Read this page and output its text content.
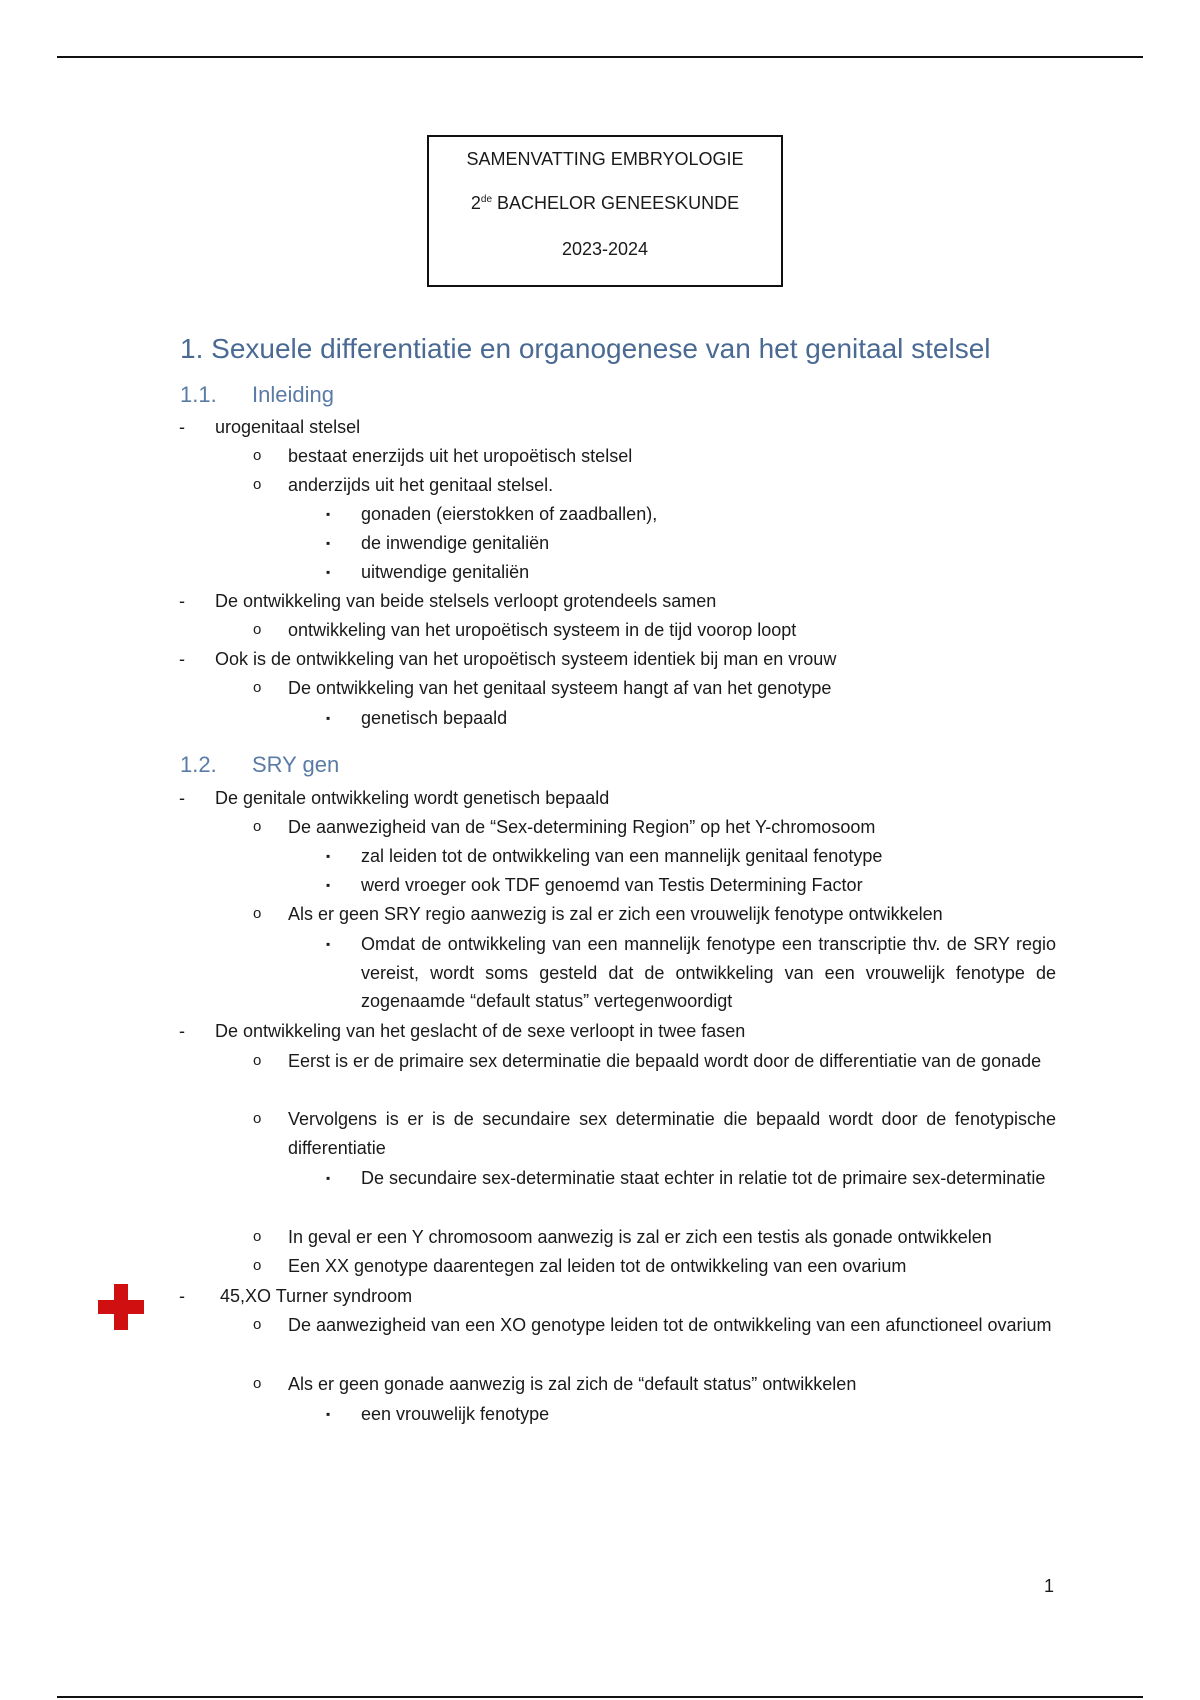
SAMENVATTING EMBRYOLOGIE
2de BACHELOR GENEESKUNDE
2023-2024
1. Sexuele differentiatie en organogenese van het genitaal stelsel
1.1. Inleiding
- urogenitaal stelsel
o bestaat enerzijds uit het uropoëtisch stelsel
o anderzijds uit het genitaal stelsel.
▪ gonaden (eierstokken of zaadballen),
▪ de inwendige genitaliën
▪ uitwendige genitaliën
- De ontwikkeling van beide stelsels verloopt grotendeels samen
o ontwikkeling van het uropoëtisch systeem in de tijd voorop loopt
- Ook is de ontwikkeling van het uropoëtisch systeem identiek bij man en vrouw
o De ontwikkeling van het genitaal systeem hangt af van het genotype
▪ genetisch bepaald
1.2. SRY gen
- De genitale ontwikkeling wordt genetisch bepaald
o De aanwezigheid van de “Sex-determining Region” op het Y-chromosoom
▪ zal leiden tot de ontwikkeling van een mannelijk genitaal fenotype
▪ werd vroeger ook TDF genoemd van Testis Determining Factor
o Als er geen SRY regio aanwezig is zal er zich een vrouwelijk fenotype ontwikkelen
▪ Omdat de ontwikkeling van een mannelijk fenotype een transcriptie thv. de SRY regio vereist, wordt soms gesteld dat de ontwikkeling van een vrouwelijk fenotype de zogenaamde “default status” vertegenwoordigt
- De ontwikkeling van het geslacht of de sexe verloopt in twee fasen
o Eerst is er de primaire sex determinatie die bepaald wordt door de differentiatie van de gonade
o Vervolgens is er is de secundaire sex determinatie die bepaald wordt door de fenotypische differentiatie
▪ De secundaire sex-determinatie staat echter in relatie tot de primaire sex-determinatie
o In geval er een Y chromosoom aanwezig is zal er zich een testis als gonade ontwikkelen
o Een XX genotype daarentegen zal leiden tot de ontwikkeling van een ovarium
- 45,XO Turner syndroom
o De aanwezigheid van een XO genotype leiden tot de ontwikkeling van een afunctioneel ovarium
o Als er geen gonade aanwezig is zal zich de “default status” ontwikkelen
▪ een vrouwelijk fenotype
1
